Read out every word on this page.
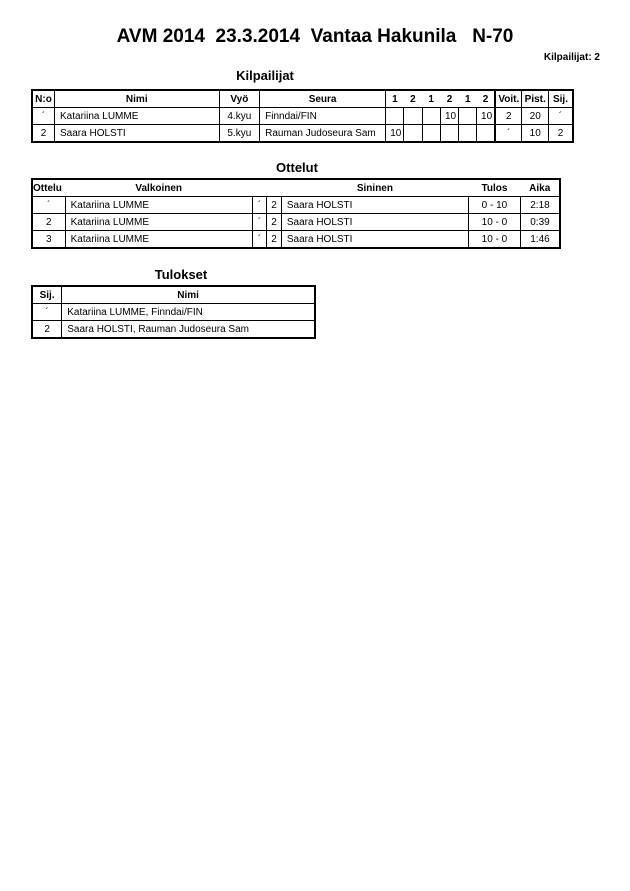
AVM 2014  23.3.2014  Vantaa Hakunila   N-70
Kilpailijat: 2
Kilpailijat
N:o	Nimi	Vyö	Seura	1	2	1	2	1	2	Voit.	Pist.	Sij.
´	Katariina LUMME	4.kyu	Finndai/FIN				10		10	2	20	´
2	Saara HOLSTI	5.kyu	Rauman Judoseura Sam	10						´	10	2
Ottelut
Ottelu	Valkoinen			Sininen	Tulos	Aika
´	Katariina LUMME	´	2	Saara HOLSTI	0 - 10	2:18
2	Katariina LUMME	´	2	Saara HOLSTI	10 - 0	0:39
3	Katariina LUMME	´	2	Saara HOLSTI	10 - 0	1:46
Tulokset
Sij.	Nimi
´	Katariina LUMME, Finndai/FIN
2	Saara HOLSTI, Rauman Judoseura Sam
